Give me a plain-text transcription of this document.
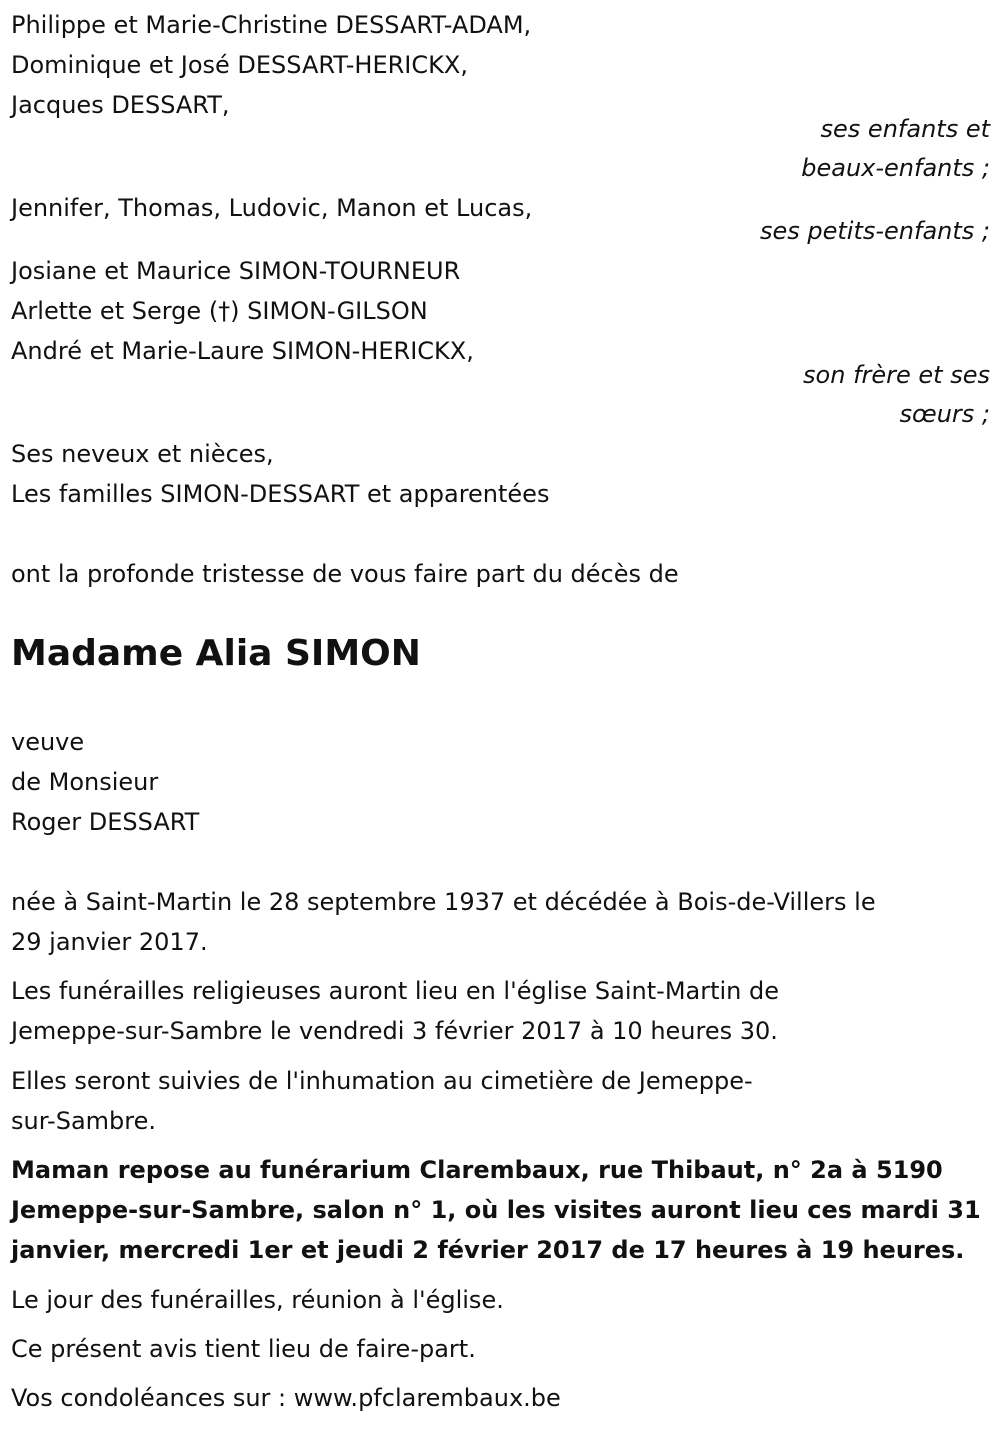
Philippe et Marie-Christine DESSART-ADAM,
Dominique et José DESSART-HERICKX,
Jacques DESSART,
ses enfants et
beaux-enfants ;
Jennifer, Thomas, Ludovic, Manon et Lucas,
ses petits-enfants ;
Josiane et Maurice SIMON-TOURNEUR
Arlette et Serge (†) SIMON-GILSON
André et Marie-Laure SIMON-HERICKX,
son frère et ses
sœurs ;
Ses neveux et nièces,
Les familles SIMON-DESSART et apparentées
ont la profonde tristesse de vous faire part du décès de
Madame Alia SIMON
veuve
de Monsieur
Roger DESSART
née à Saint-Martin le 28 septembre 1937 et décédée à Bois-de-Villers le
29 janvier 2017.
Les funérailles religieuses auront lieu en l'église Saint-Martin de
Jemeppe-sur-Sambre le vendredi 3 février 2017 à 10 heures 30.
Elles seront suivies de l'inhumation au cimetière de Jemeppe-
sur-Sambre.
Maman repose au funérarium Clarembaux, rue Thibaut, n° 2a à 5190
Jemeppe-sur-Sambre, salon n° 1, où les visites auront lieu ces mardi 31
janvier, mercredi 1er et jeudi 2 février 2017 de 17 heures à 19 heures.
Le jour des funérailles, réunion à l'église.
Ce présent avis tient lieu de faire-part.
Vos condoléances sur : www.pfclarembaux.be
